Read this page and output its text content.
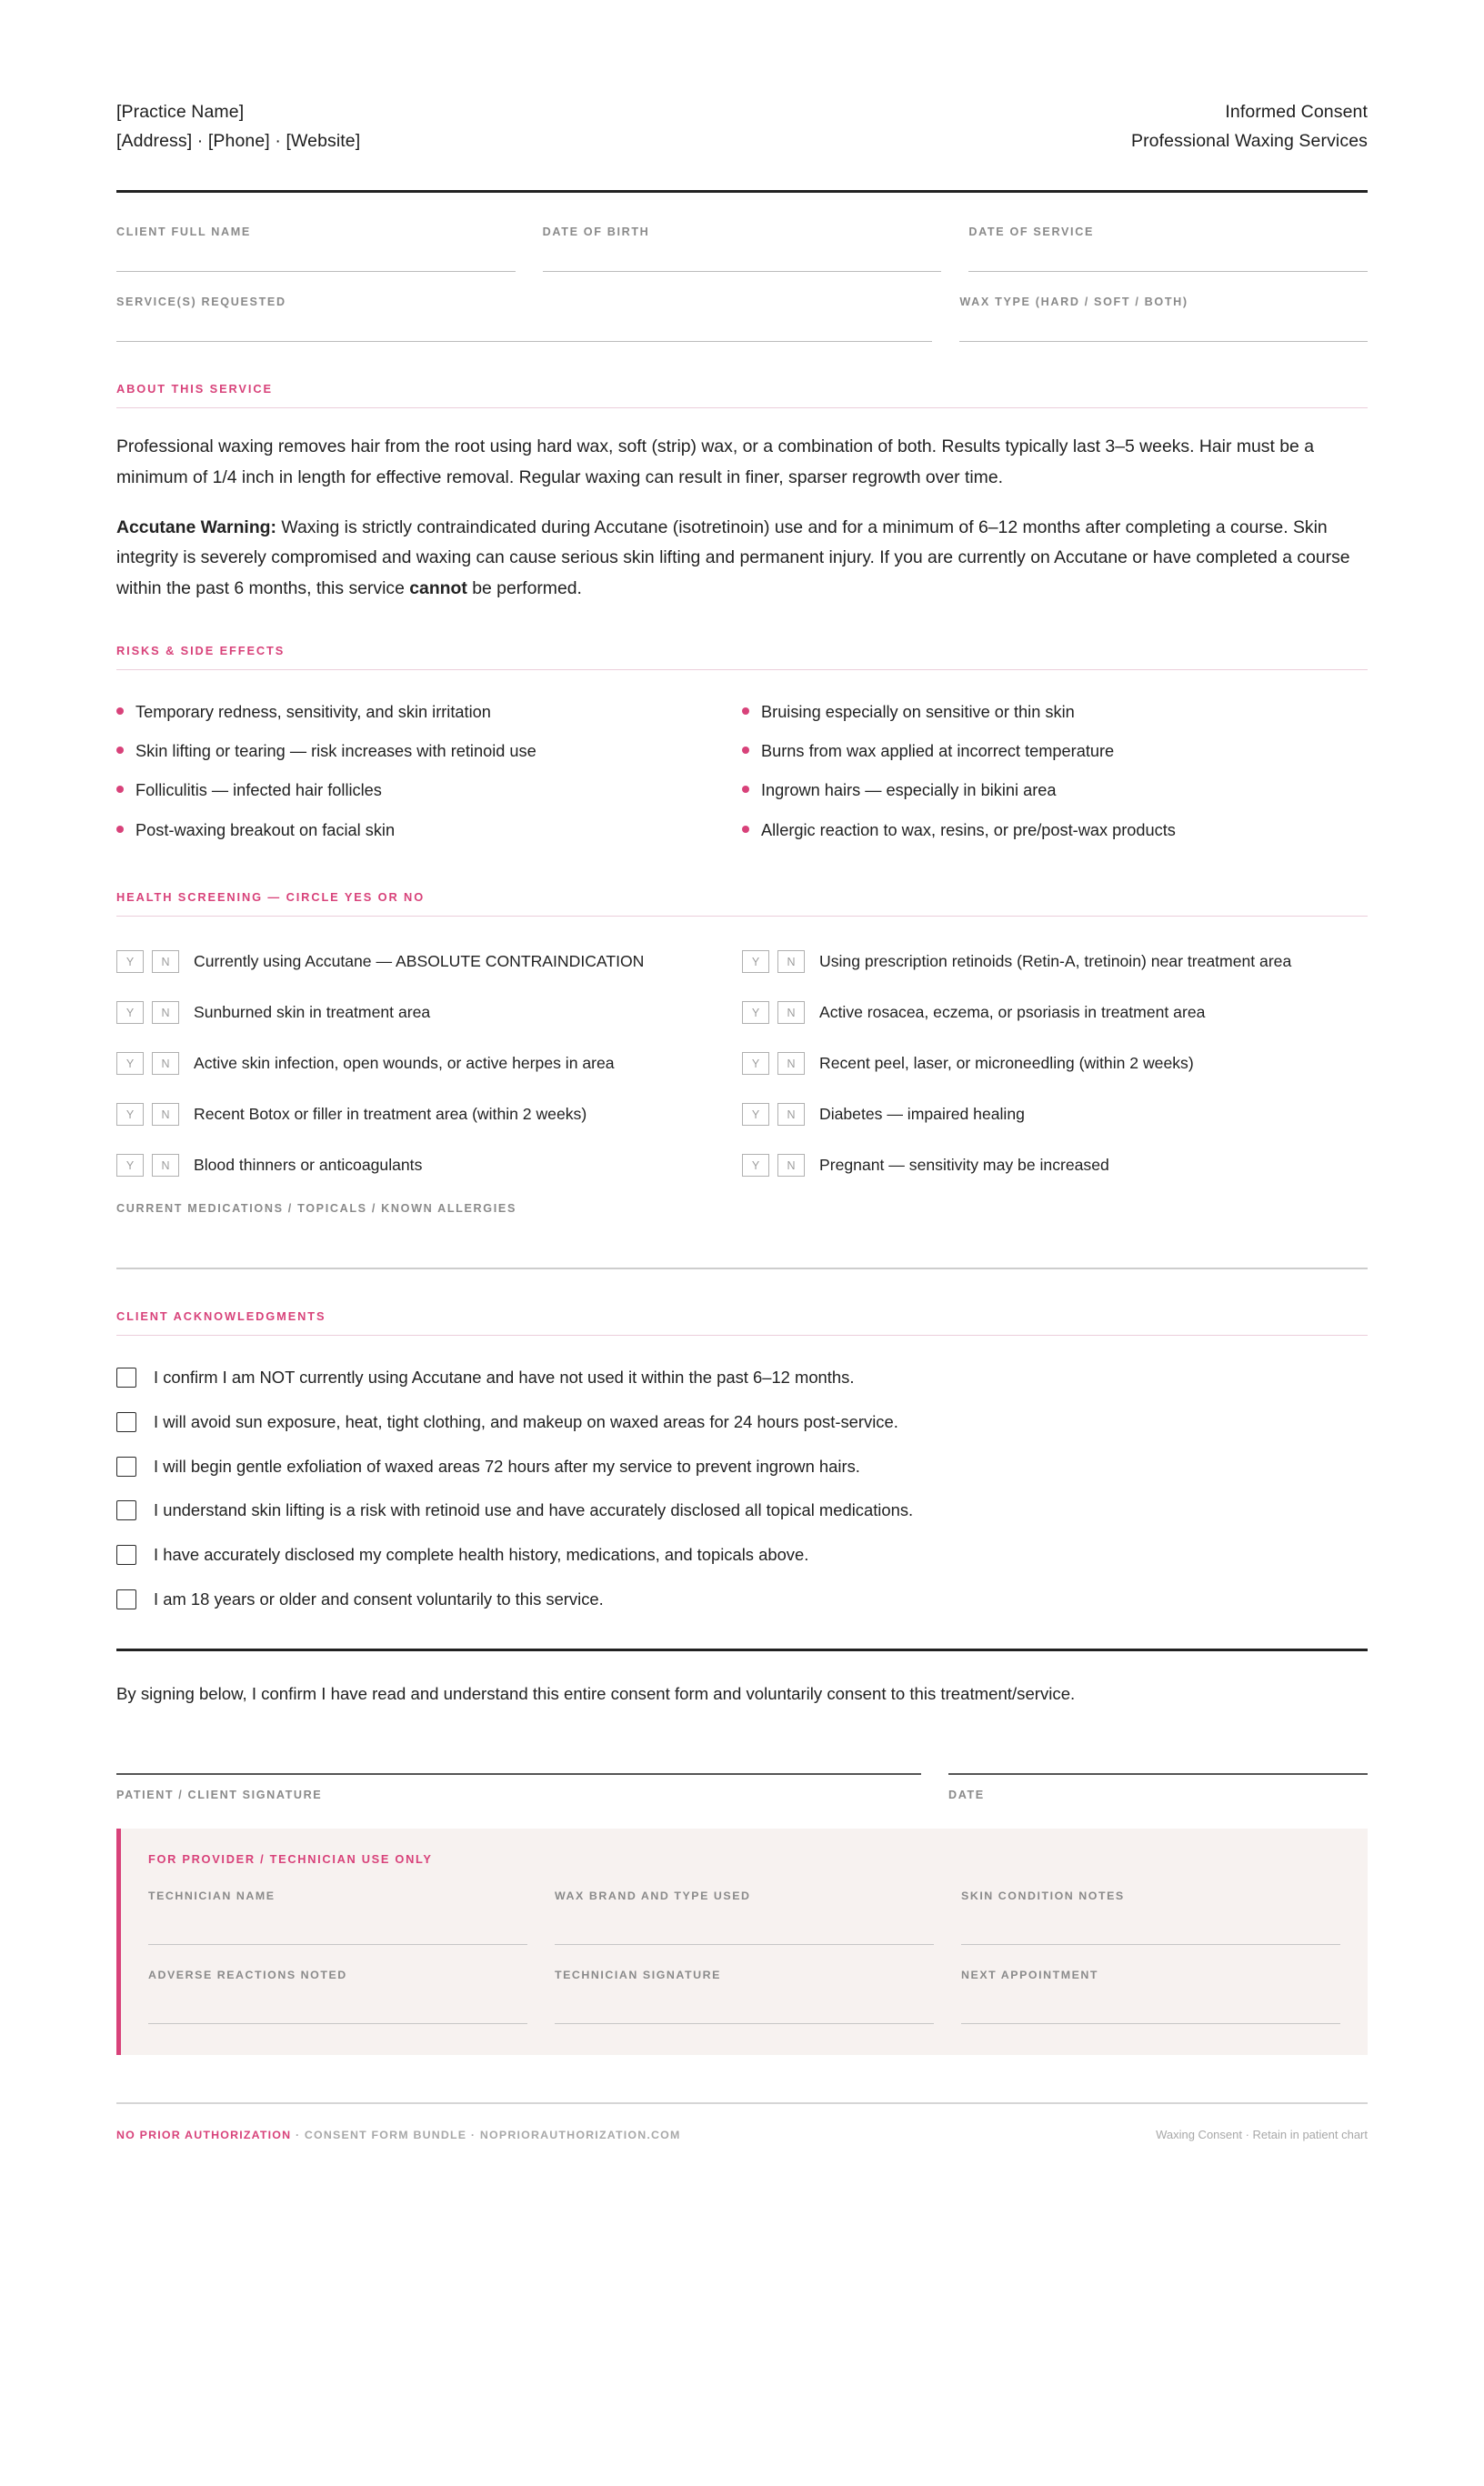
[Practice Name]
[Address] · [Phone] · [Website]
Informed Consent
Professional Waxing Services
CLIENT FULL NAME	DATE OF BIRTH	DATE OF SERVICE
SERVICE(S) REQUESTED	WAX TYPE (HARD / SOFT / BOTH)
ABOUT THIS SERVICE

Professional waxing removes hair from the root using hard wax, soft (strip) wax, or a combination of both. Results typically last 3–5 weeks. Hair must be a minimum of 1/4 inch in length for effective removal. Regular waxing can result in finer, sparser regrowth over time.

Accutane Warning: Waxing is strictly contraindicated during Accutane (isotretinoin) use and for a minimum of 6–12 months after completing a course. Skin integrity is severely compromised and waxing can cause serious skin lifting and permanent injury. If you are currently on Accutane or have completed a course within the past 6 months, this service cannot be performed.

RISKS & SIDE EFFECTS
Temporary redness, sensitivity, and skin irritation
Skin lifting or tearing — risk increases with retinoid use
Folliculitis — infected hair follicles
Post-waxing breakout on facial skin
Bruising especially on sensitive or thin skin
Burns from wax applied at incorrect temperature
Ingrown hairs — especially in bikini area
Allergic reaction to wax, resins, or pre/post-wax products
HEALTH SCREENING — CIRCLE YES OR NO
Y	N	Currently using Accutane — ABSOLUTE CONTRAINDICATION
Y	N	Sunburned skin in treatment area
Y	N	Active skin infection, open wounds, or active herpes in area
Y	N	Recent Botox or filler in treatment area (within 2 weeks)
Y	N	Blood thinners or anticoagulants
Y	N	Using prescription retinoids (Retin-A, tretinoin) near treatment area
Y	N	Active rosacea, eczema, or psoriasis in treatment area
Y	N	Recent peel, laser, or microneedling (within 2 weeks)
Y	N	Diabetes — impaired healing
Y	N	Pregnant — sensitivity may be increased
CURRENT MEDICATIONS / TOPICALS / KNOWN ALLERGIES
CLIENT ACKNOWLEDGMENTS
I confirm I am NOT currently using Accutane and have not used it within the past 6–12 months.
I will avoid sun exposure, heat, tight clothing, and makeup on waxed areas for 24 hours post-service.
I will begin gentle exfoliation of waxed areas 72 hours after my service to prevent ingrown hairs.
I understand skin lifting is a risk with retinoid use and have accurately disclosed all topical medications.
I have accurately disclosed my complete health history, medications, and topicals above.
I am 18 years or older and consent voluntarily to this service.

By signing below, I confirm I have read and understand this entire consent form and voluntarily consent to this treatment/service.

PATIENT / CLIENT SIGNATURE	DATE
FOR PROVIDER / TECHNICIAN USE ONLY
TECHNICIAN NAME	WAX BRAND AND TYPE USED	SKIN CONDITION NOTES
ADVERSE REACTIONS NOTED	TECHNICIAN SIGNATURE	NEXT APPOINTMENT
NO PRIOR AUTHORIZATION · CONSENT FORM BUNDLE · NOPRIORAUTHORIZATION.COM	Waxing Consent · Retain in patient chart
